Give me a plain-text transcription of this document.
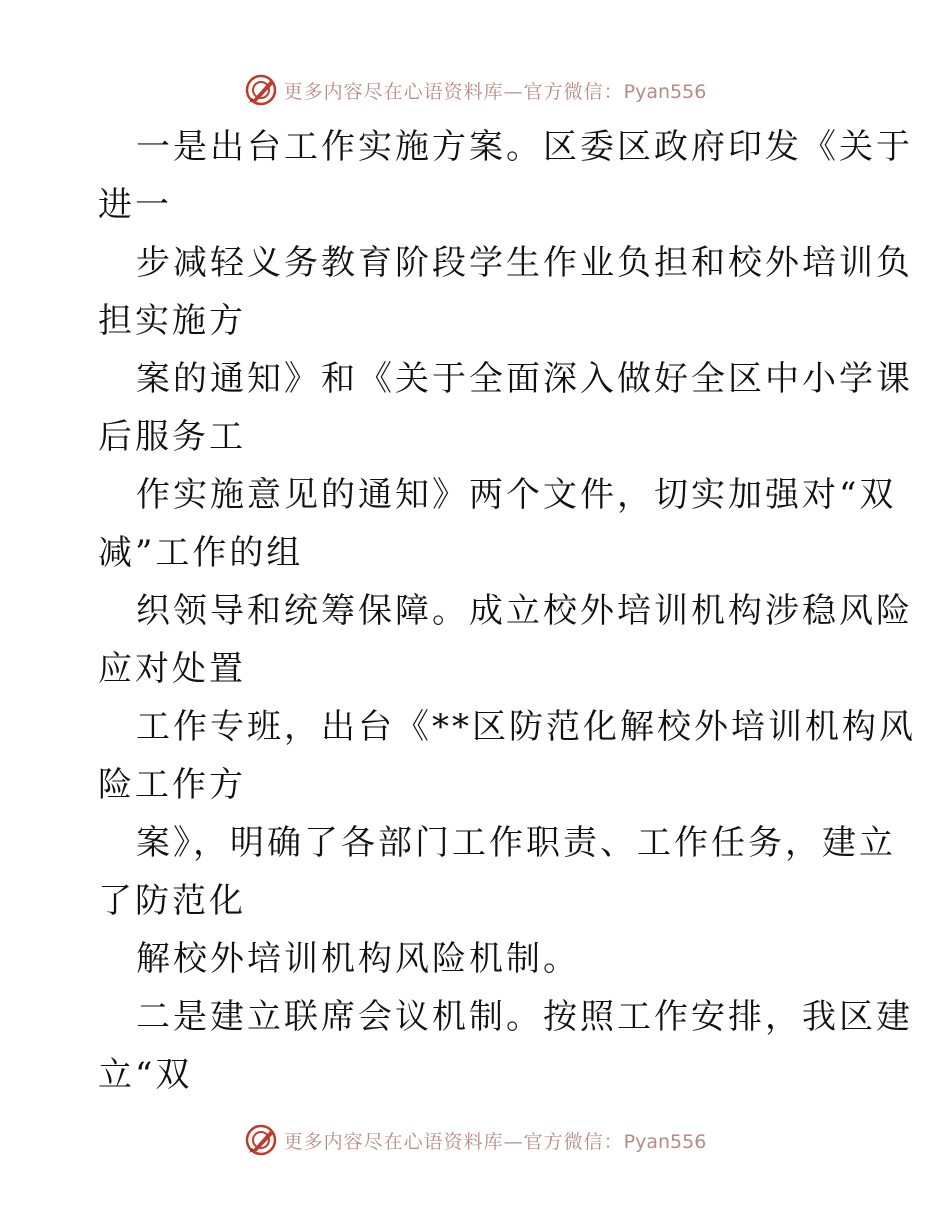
更多内容尽在心语资料库—官方微信：Pyan556
一是出台工作实施方案。区委区政府印发《关于
进一
步减轻义务教育阶段学生作业负担和校外培训负
担实施方
案的通知》和《关于全面深入做好全区中小学课
后服务工
作实施意见的通知》两个文件，切实加强对“双
减”工作的组
织领导和统筹保障。成立校外培训机构涉稳风险
应对处置
工作专班，出台《**区防范化解校外培训机构风
险工作方
案》，明确了各部门工作职责、工作任务，建立
了防范化
解校外培训机构风险机制。
二是建立联席会议机制。按照工作安排，我区建
立“双
更多内容尽在心语资料库—官方微信：Pyan556
